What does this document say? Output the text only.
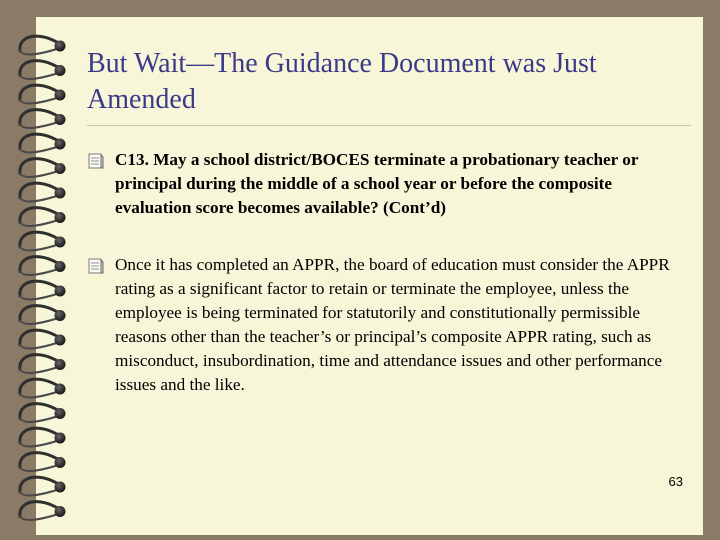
But Wait—The Guidance Document was Just Amended
C13. May a school district/BOCES terminate a probationary teacher or principal during the middle of a school year or before the composite evaluation score becomes available? (Cont’d)
Once it has completed an APPR, the board of education must consider the APPR rating as a significant factor to retain or terminate the employee, unless the employee is being terminated for statutorily and constitutionally permissible reasons other than the teacher’s or principal’s composite APPR rating, such as misconduct, insubordination, time and attendance issues and other performance issues and the like.
63
